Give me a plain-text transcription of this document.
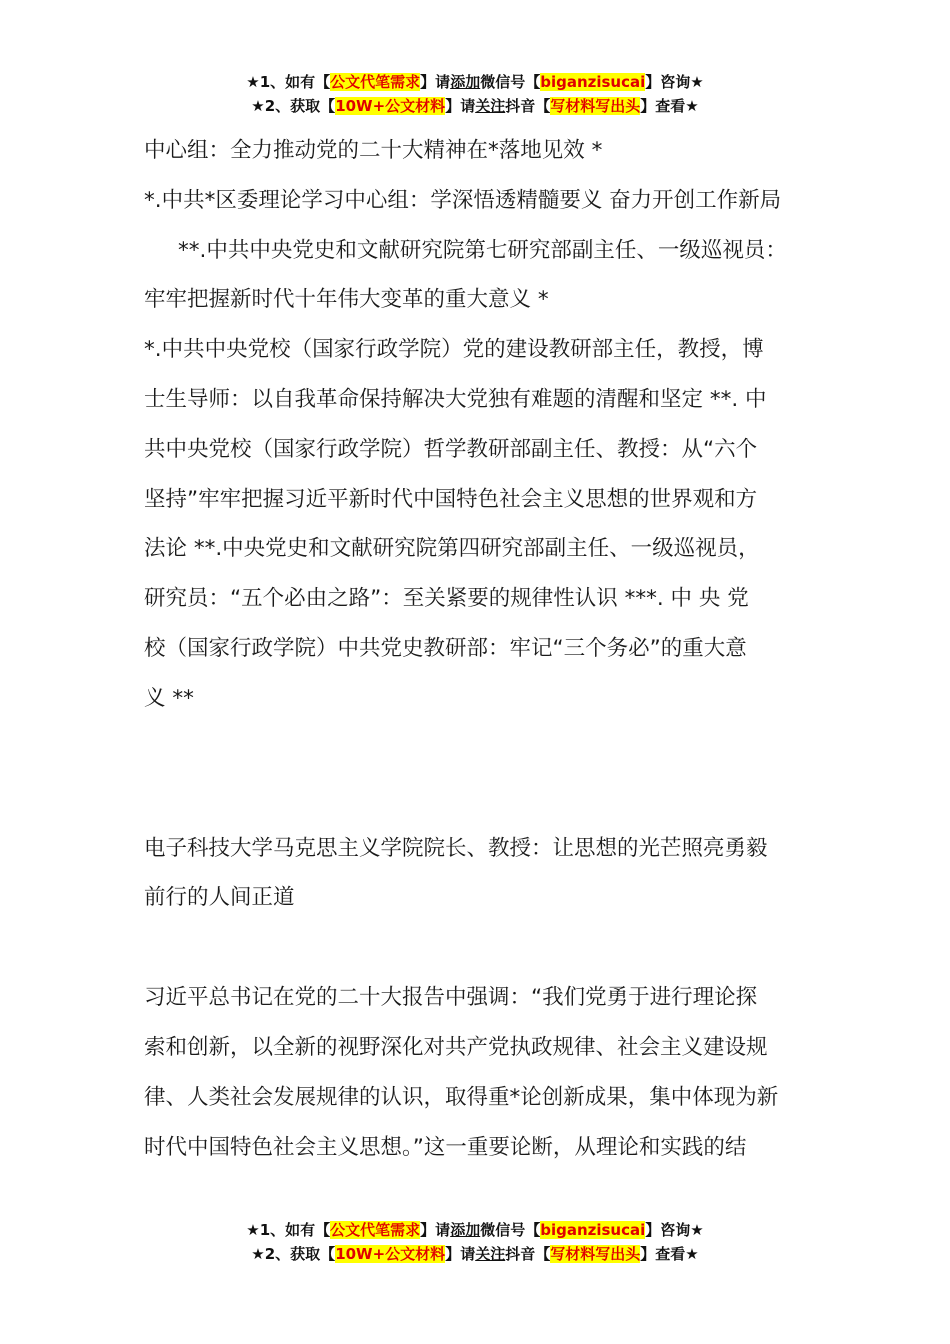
★1、如有【公文代笔需求】请添加微信号【biganzisucai】咨询★
★2、获取【10W+公文材料】请关注抖音【写材料写出头】查看★
中心组：全力推动党的二十大精神在*落地见效 *
*.中共*区委理论学习中心组：学深悟透精髓要义 奋力开创工作新局
**.中共中央党史和文献研究院第七研究部副主任、一级巡视员：
牢牢把握新时代十年伟大变革的重大意义 *
*.中共中央党校（国家行政学院）党的建设教研部主任，教授，博
士生导师：以自我革命保持解决大党独有难题的清醒和坚定 **. 中
共中央党校（国家行政学院）哲学教研部副主任、教授：从“六个
坚持”牢牢把握习近平新时代中国特色社会主义思想的世界观和方
法论 **.中央党史和文献研究院第四研究部副主任、一级巡视员，
研究员：“五个必由之路”：至关紧要的规律性认识 ***. 中 央 党
校（国家行政学院）中共党史教研部：牢记“三个务必”的重大意
义 **
电子科技大学马克思主义学院院长、教授：让思想的光芒照亮勇毅
前行的人间正道
习近平总书记在党的二十大报告中强调：“我们党勇于进行理论探
索和创新，以全新的视野深化对共产党执政规律、社会主义建设规
律、人类社会发展规律的认识，取得重*论创新成果，集中体现为新
时代中国特色社会主义思想。”这一重要论断，从理论和实践的结
★1、如有【公文代笔需求】请添加微信号【biganzisucai】咨询★
★2、获取【10W+公文材料】请关注抖音【写材料写出头】查看★
